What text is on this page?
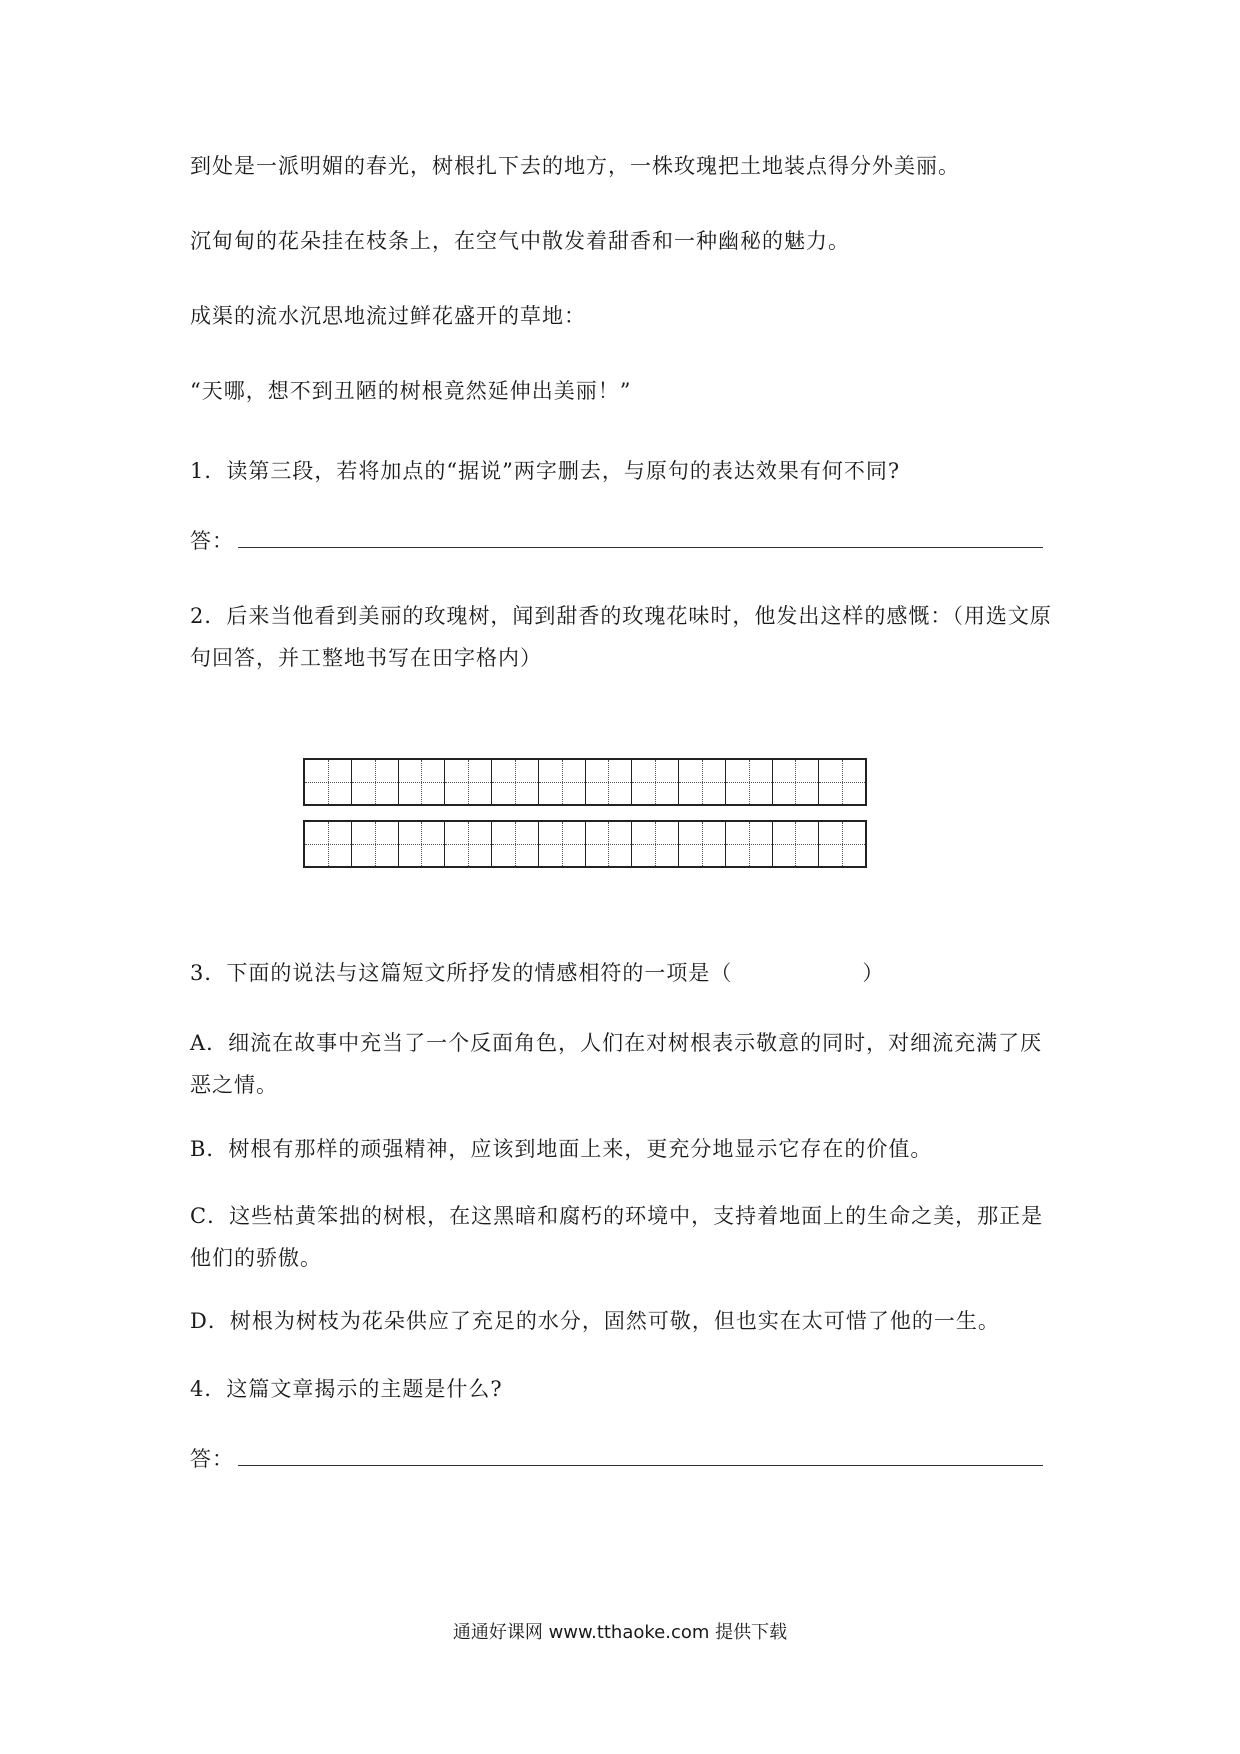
到处是一派明媚的春光，树根扎下去的地方，一株玫瑰把土地装点得分外美丽。
沉甸甸的花朵挂在枝条上，在空气中散发着甜香和一种幽秘的魅力。
成渠的流水沉思地流过鲜花盛开的草地：
“天哪，想不到丑陋的树根竟然延伸出美丽！”
1．读第三段，若将加点的“据说”两字删去，与原句的表达效果有何不同?
答：
2．后来当他看到美丽的玫瑰树，闻到甜香的玫瑰花味时，他发出这样的感慨：（用选文原句回答，并工整地书写在田字格内）
3．下面的说法与这篇短文所抒发的情感相符的一项是（	）
A．细流在故事中充当了一个反面角色，人们在对树根表示敬意的同时，对细流充满了厌恶之情。
B．树根有那样的顽强精神，应该到地面上来，更充分地显示它存在的价值。
C．这些枯黄笨拙的树根，在这黑暗和腐朽的环境中，支持着地面上的生命之美，那正是他们的骄傲。
D．树根为树枝为花朵供应了充足的水分，固然可敬，但也实在太可惜了他的一生。
4．这篇文章揭示的主题是什么?
答：
通通好课网 www.tthaoke.com 提供下载
